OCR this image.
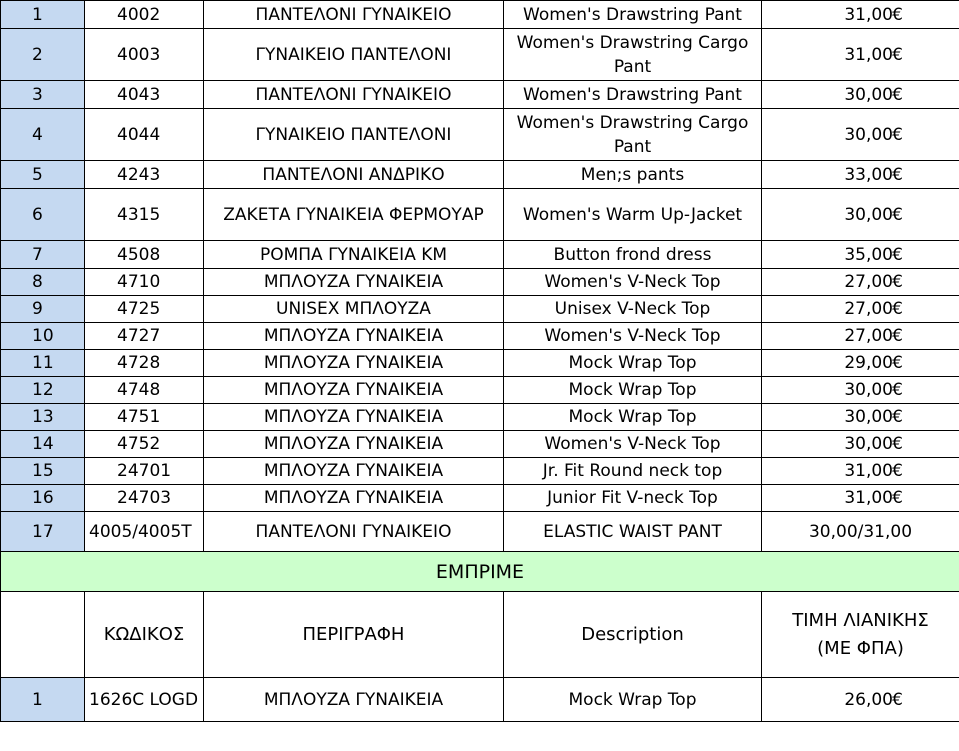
1	4002	ΠΑΝΤΕΛΟΝΙ ΓΥΝΑΙΚΕΙΟ	Women's Drawstring Pant	31,00 €

2	4003	ΓΥΝΑΙΚΕΙΟ ΠΑΝΤΕΛΟΝΙ	Women's Drawstring Cargo Pant	31,00 €

3	4043	ΠΑΝΤΕΛΟΝΙ ΓΥΝΑΙΚΕΙΟ	Women's Drawstring Pant	30,00 €

4	4044	ΓΥΝΑΙΚΕΙΟ ΠΑΝΤΕΛΟΝΙ	Women's Drawstring Cargo Pant	30,00 €

5	4243	ΠΑΝΤΕΛΟΝΙ ΑΝΔΡΙΚΟ	Men;s pants	33,00 €

6	4315	ΖΑΚΕΤΑ ΓΥΝΑΙΚΕΙΑ ΦΕΡΜΟΥΑΡ	Women's Warm Up-Jacket	30,00 €

7	4508	ΡΟΜΠΑ ΓΥΝΑΙΚΕΙΑ ΚΜ	Button frond dress	35,00 €

8	4710	ΜΠΛΟΥΖΑ ΓΥΝΑΙΚΕΙΑ	Women's V-Neck Top	27,00 €

9	4725	UNISEX ΜΠΛΟΥΖΑ	Unisex V-Neck Top	27,00 €

10	4727	ΜΠΛΟΥΖΑ ΓΥΝΑΙΚΕΙΑ	Women's V-Neck Top	27,00 €

11	4728	ΜΠΛΟΥΖΑ ΓΥΝΑΙΚΕΙΑ	Mock Wrap Top	29,00 €

12	4748	ΜΠΛΟΥΖΑ ΓΥΝΑΙΚΕΙΑ	Mock Wrap Top	30,00 €

13	4751	ΜΠΛΟΥΖΑ ΓΥΝΑΙΚΕΙΑ	Mock Wrap Top	30,00 €

14	4752	ΜΠΛΟΥΖΑ ΓΥΝΑΙΚΕΙΑ	Women's V-Neck Top	30,00 €

15	24701	ΜΠΛΟΥΖΑ ΓΥΝΑΙΚΕΙΑ	Jr. Fit Round neck top	31,00 €

16	24703	ΜΠΛΟΥΖΑ ΓΥΝΑΙΚΕΙΑ	Junior Fit V-neck Top	31,00 €

17	4005/4005T	ΠΑΝΤΕΛΟΝΙ ΓΥΝΑΙΚΕΙΟ	ELASTIC WAIST PANT	30,00/31,00
ΕΜΠΡΙΜΕ				
	ΚΩΔΙΚΟΣ	ΠΕΡΙΓΡΑΦΗ	Description	ΤΙΜΗ ΛΙΑΝΙΚΗΣ
(ΜΕ ΦΠΑ)
1	1626C LOGD	ΜΠΛΟΥΖΑ ΓΥΝΑΙΚΕΙΑ	Mock Wrap Top	26,00 €
